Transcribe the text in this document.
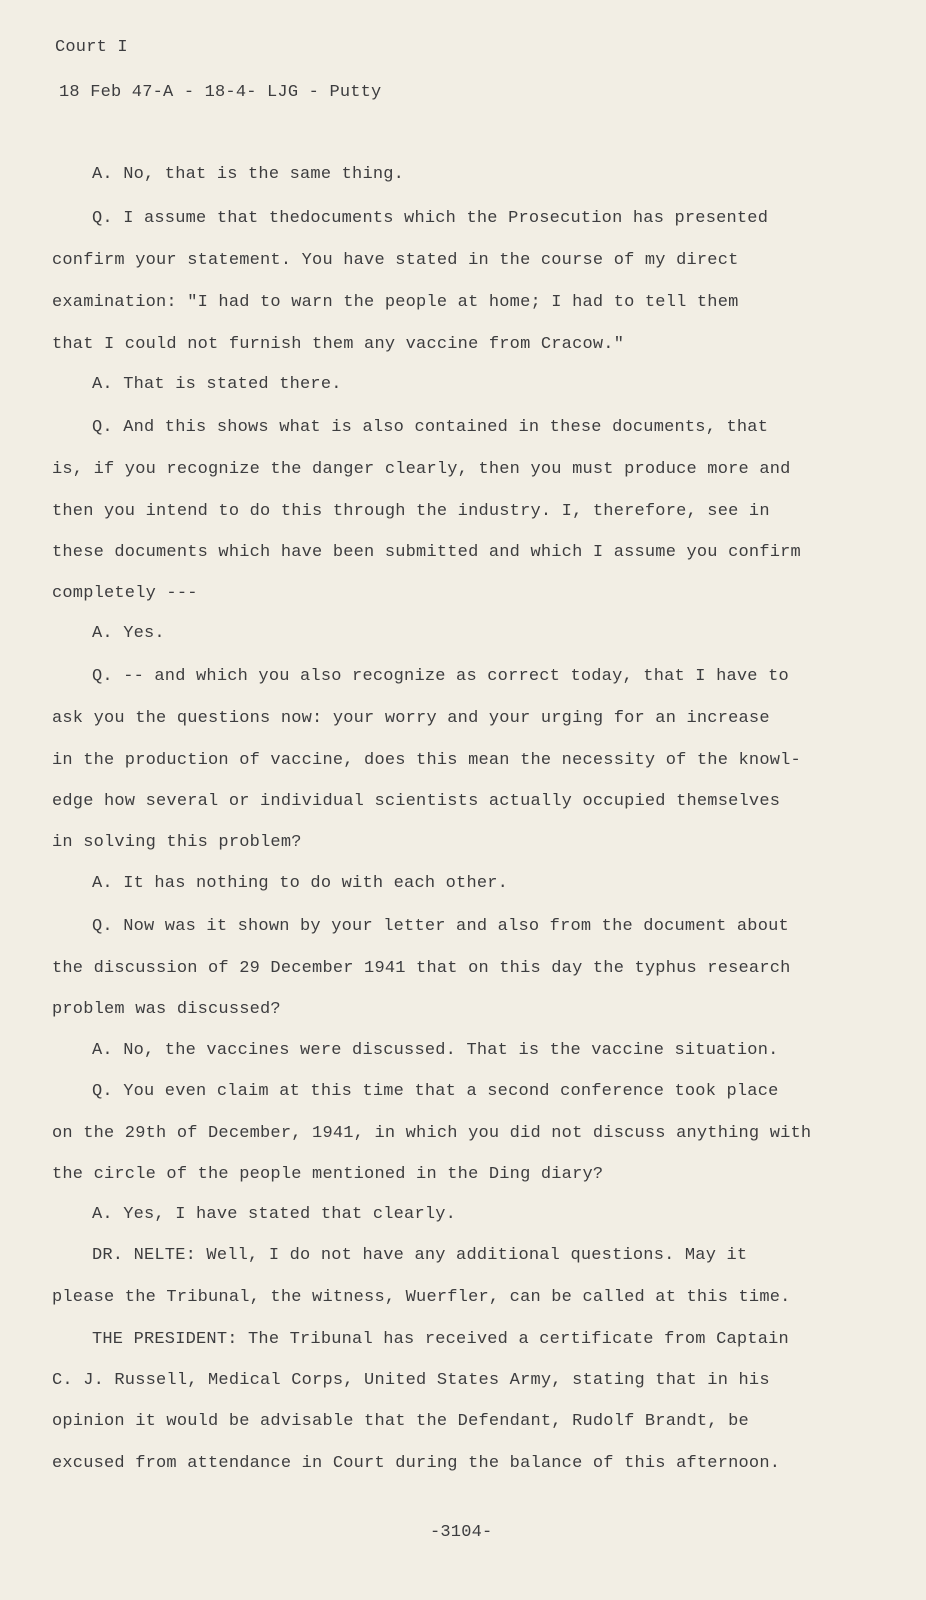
Court I
18 Feb 47-A - 18-4- LJG - Putty
A. No, that is the same thing.
Q. I assume that thedocuments which the Prosecution has presented
confirm your statement. You have stated in the course of my direct
examination: "I had to warn the people at home; I had to tell them
that I could not furnish them any vaccine from Cracow."
A. That is stated there.
Q. And this shows what is also contained in these documents, that
is, if you recognize the danger clearly, then you must produce more and
then you intend to do this through the industry. I, therefore, see in
these documents which have been submitted and which I assume you confirm
completely ---
A. Yes.
Q. -- and which you also recognize as correct today, that I have to
ask you the questions now: your worry and your urging for an increase
in the production of vaccine, does this mean the necessity of the knowl-
edge how several or individual scientists actually occupied themselves
in solving this problem?
A. It has nothing to do with each other.
Q. Now was it shown by your letter and also from the document about
the discussion of 29 December 1941 that on this day the typhus research
problem was discussed?
A. No, the vaccines were discussed. That is the vaccine situation.
Q. You even claim at this time that a second conference took place
on the 29th of December, 1941, in which you did not discuss anything with
the circle of the people mentioned in the Ding diary?
A. Yes, I have stated that clearly.
DR. NELTE: Well, I do not have any additional questions. May it
please the Tribunal, the witness, Wuerfler, can be called at this time.
THE PRESIDENT: The Tribunal has received a certificate from Captain
C. J. Russell, Medical Corps, United States Army, stating that in his
opinion it would be advisable that the Defendant, Rudolf Brandt, be
excused from attendance in Court during the balance of this afternoon.
-3104-
